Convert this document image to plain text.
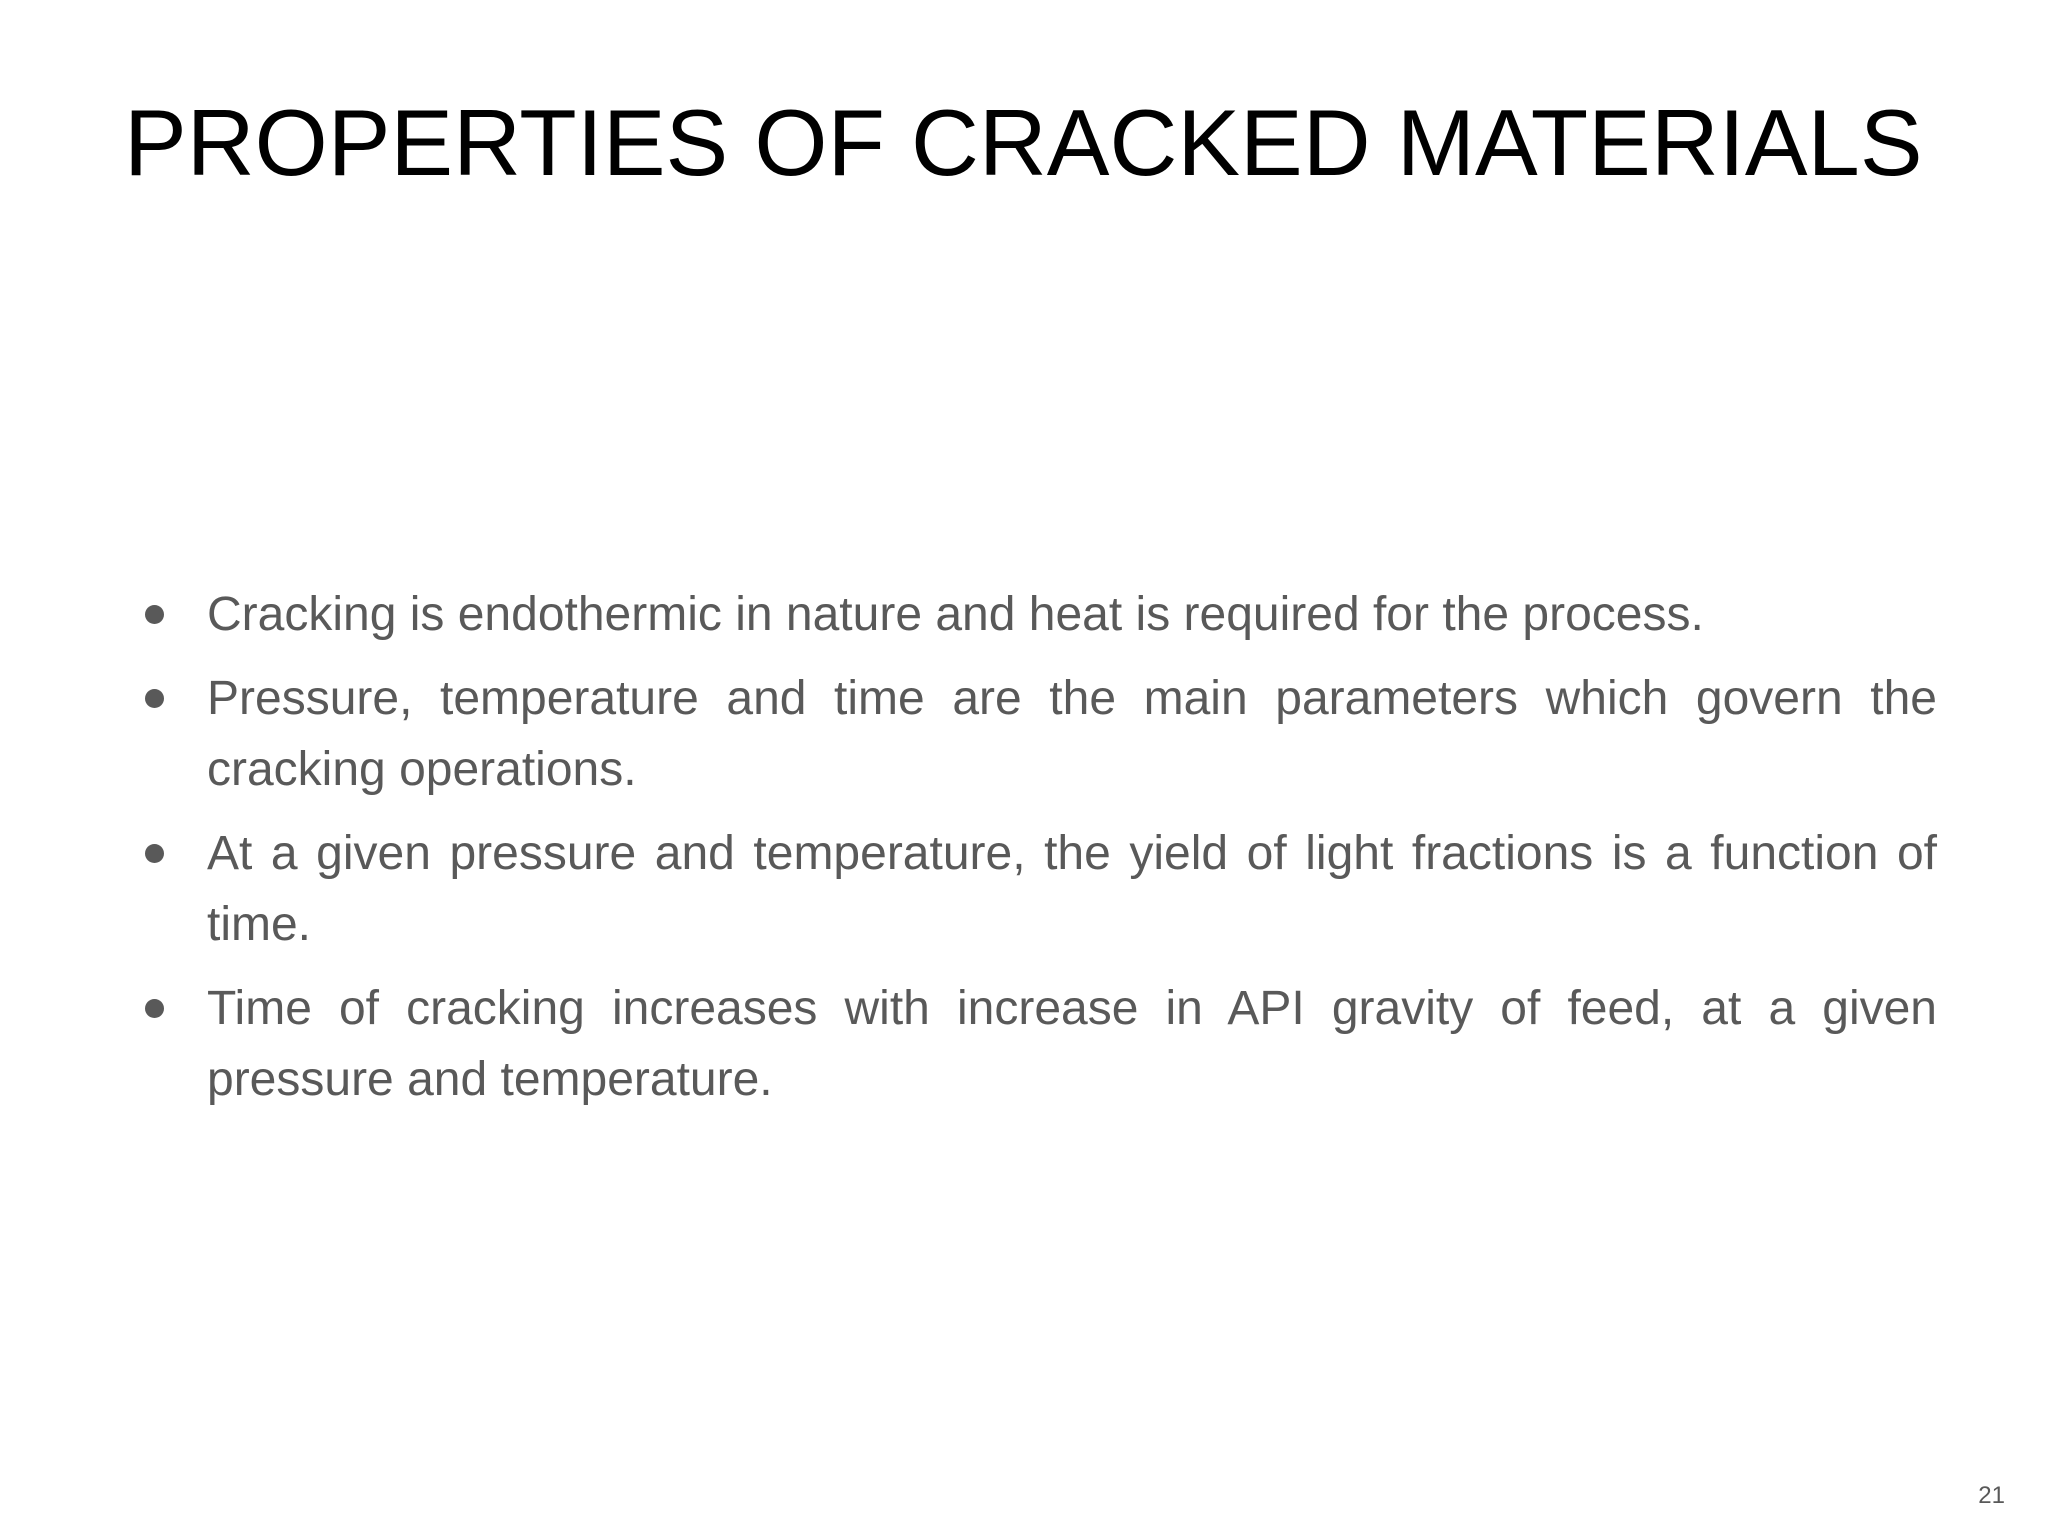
PROPERTIES OF CRACKED MATERIALS
Cracking is endothermic in nature and heat is required for the process.
Pressure, temperature and time are the main parameters which govern the cracking operations.
At a given pressure and temperature, the yield of light fractions is a function of time.
Time of cracking increases with increase in API gravity of feed, at a given pressure and temperature.
21
